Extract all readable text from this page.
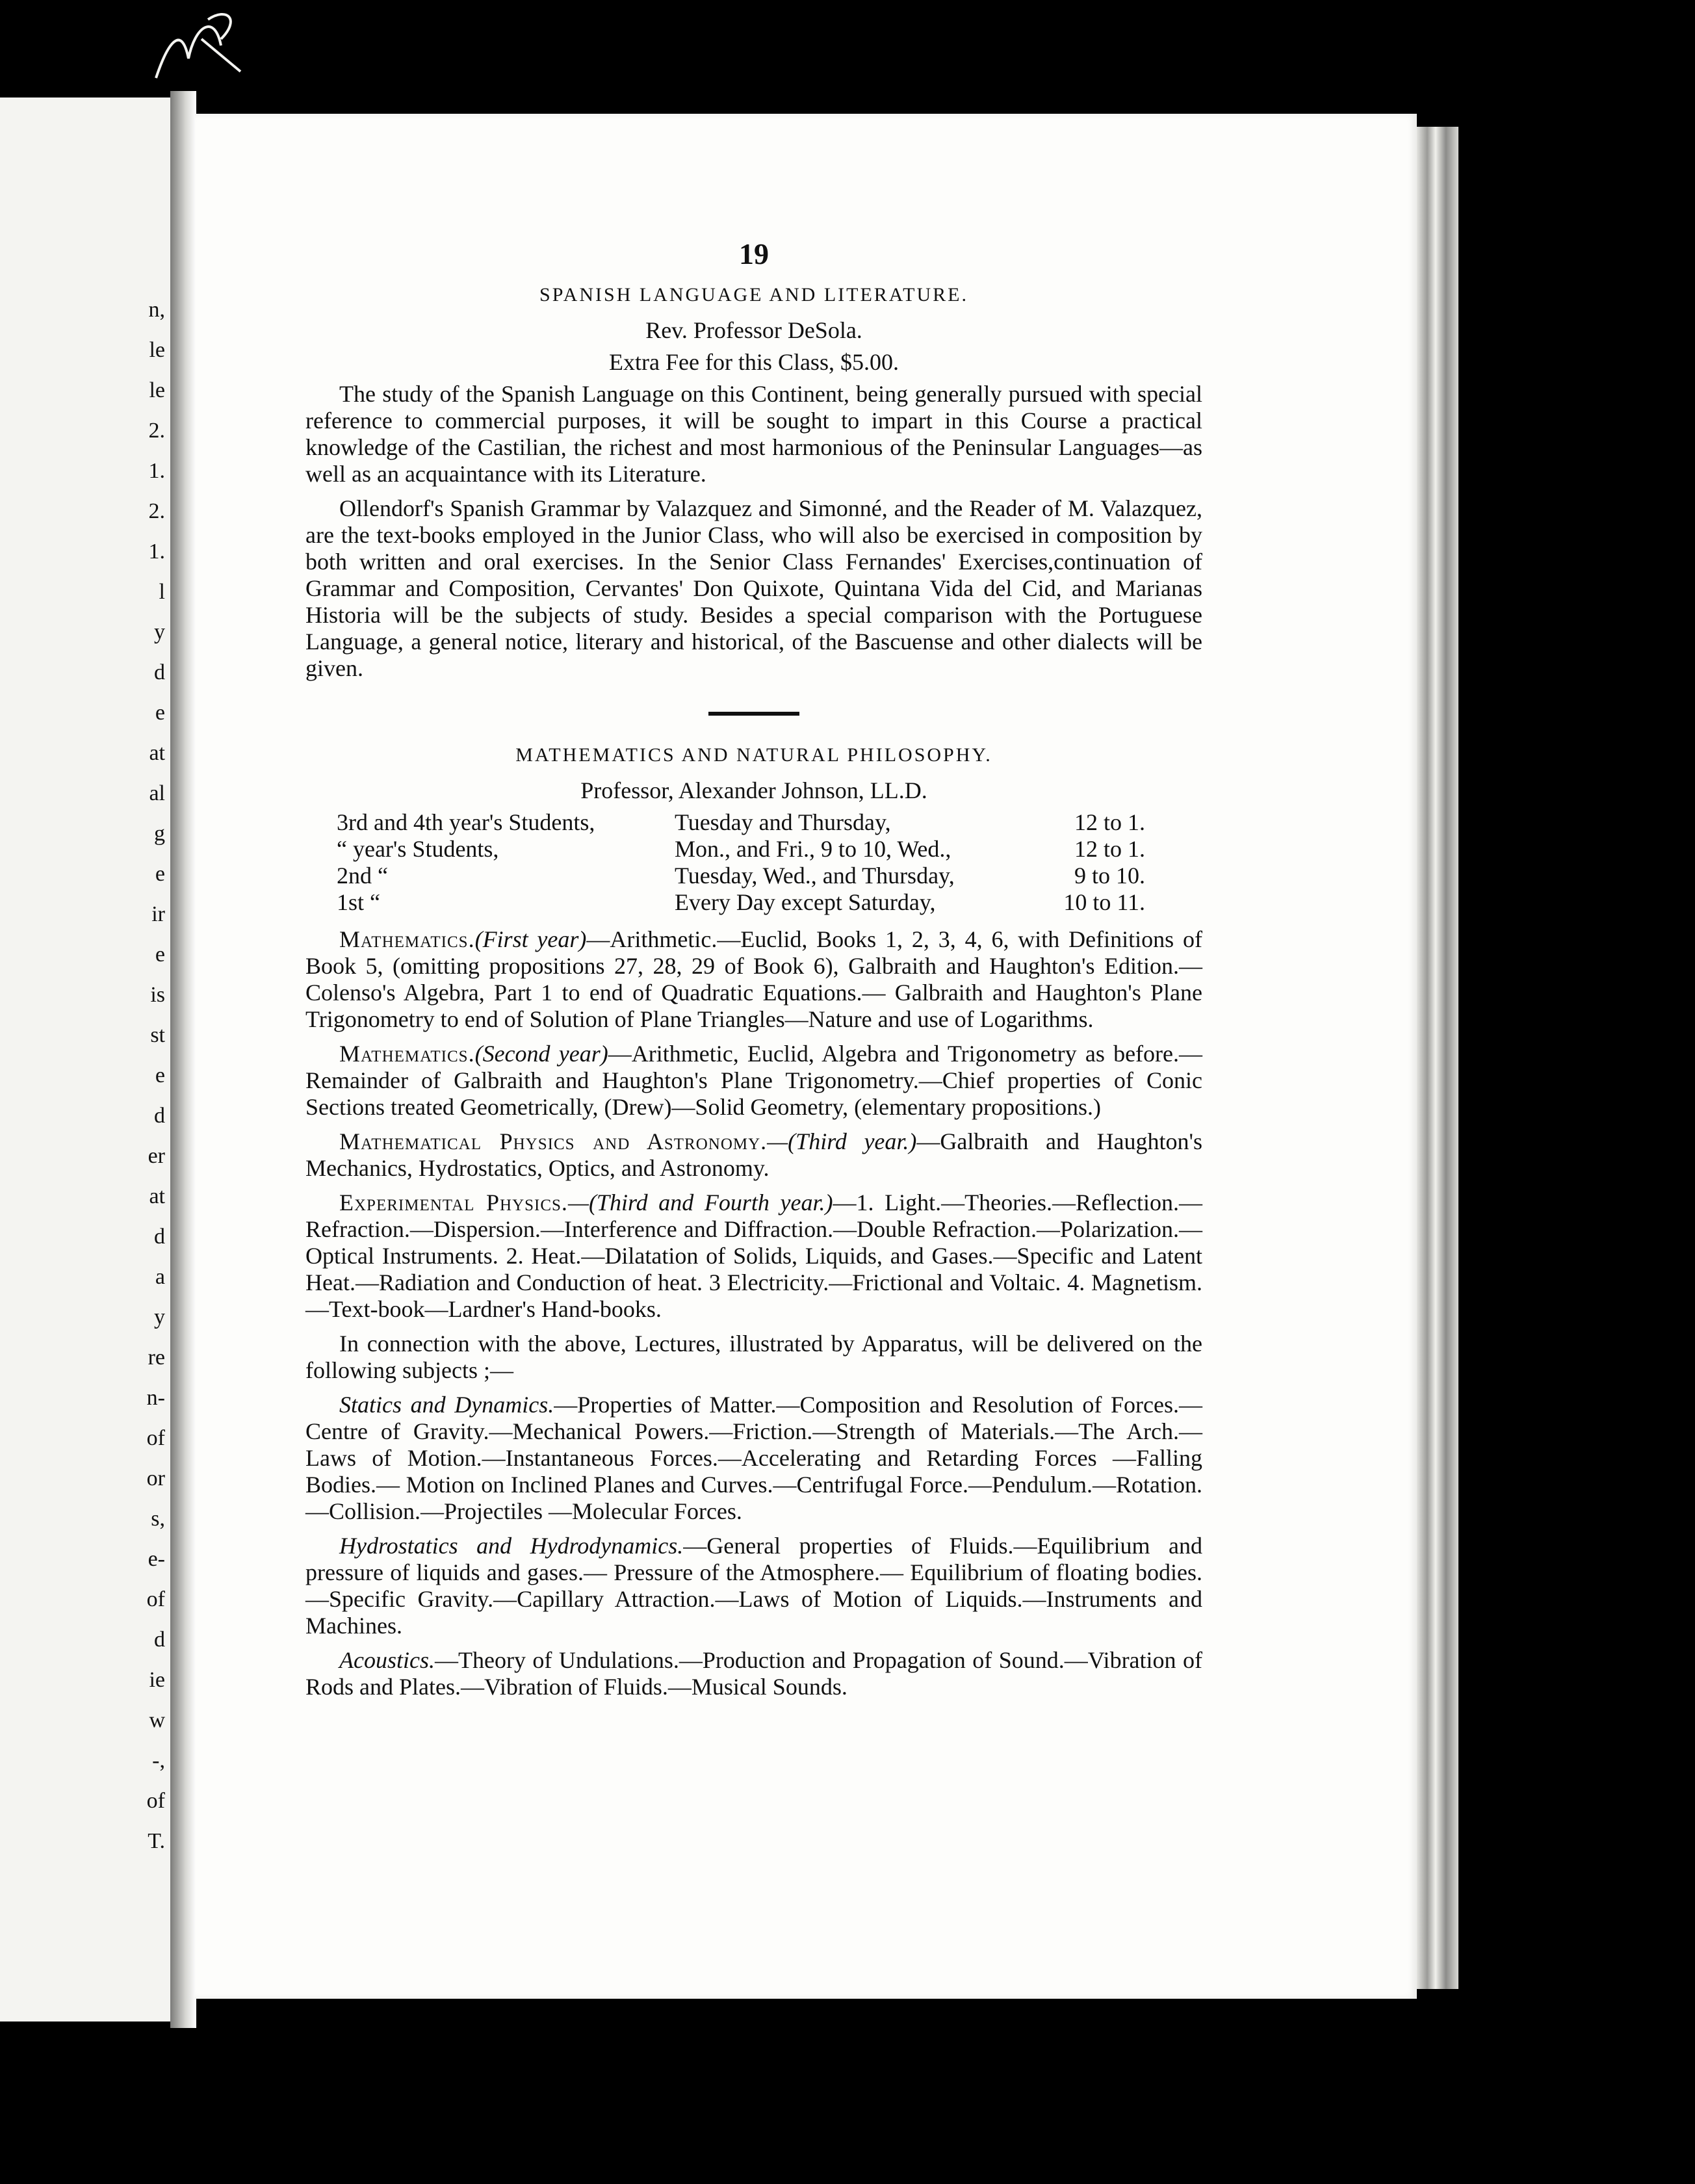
n,
le
le
2.
1.
2.
1.
l
y
d
e
at
al
g
e
ir
e
is
st
e
d
er
at
d
a
y
re
n-
of
or
s,
e-
of
d
ie
w
-,
of
T.
19
SPANISH LANGUAGE AND LITERATURE.
Rev. Professor DeSola.
Extra Fee for this Class, $5.00.

The study of the Spanish Language on this Continent, being generally pursued with special reference to commercial purposes, it will be sought to impart in this Course a practical knowledge of the Castilian, the richest and most harmonious of the Peninsular Languages—as well as an acquaintance with its Literature.

Ollendorf's Spanish Grammar by Valazquez and Simonné, and the Reader of M. Valazquez, are the text-books employed in the Junior Class, who will also be exercised in composition by both written and oral exercises. In the Senior Class Fernandes' Exercises,continuation of Grammar and Composition, Cervantes' Don Quixote, Quintana Vida del Cid, and Marianas Historia will be the subjects of study. Besides a special comparison with the Portuguese Language, a general notice, literary and historical, of the Bascuense and other dialects will be given.

MATHEMATICS AND NATURAL PHILOSOPHY.
Professor, Alexander Johnson, LL.D.
3rd and 4th year's Students,	Tuesday and Thursday,	12 to 1.
“ year's Students,	Mon., and Fri., 9 to 10, Wed.,	12 to 1.
2nd “	Tuesday, Wed., and Thursday,	9 to 10.
1st “	Every Day except Saturday,	10 to 11.

Mathematics.(First year)—Arithmetic.—Euclid, Books 1, 2, 3, 4, 6, with Definitions of Book 5, (omitting propositions 27, 28, 29 of Book 6), Galbraith and Haughton's Edition.—Colenso's Algebra, Part 1 to end of Quadratic Equations.— Galbraith and Haughton's Plane Trigonometry to end of Solution of Plane Triangles—Nature and use of Logarithms.

Mathematics.(Second year)—Arithmetic, Euclid, Algebra and Trigonometry as before.—Remainder of Galbraith and Haughton's Plane Trigonometry.—Chief properties of Conic Sections treated Geometrically, (Drew)—Solid Geometry, (elementary propositions.)

Mathematical Physics and Astronomy.—(Third year.)—Galbraith and Haughton's Mechanics, Hydrostatics, Optics, and Astronomy.

Experimental Physics.—(Third and Fourth year.)—1. Light.—Theories.—Reflection.—Refraction.—Dispersion.—Interference and Diffraction.—Double Refraction.—Polarization.—Optical Instruments. 2. Heat.—Dilatation of Solids, Liquids, and Gases.—Specific and Latent Heat.—Radiation and Conduction of heat. 3 Electricity.—Frictional and Voltaic. 4. Magnetism.—Text-book—Lardner's Hand-books.

In connection with the above, Lectures, illustrated by Apparatus, will be delivered on the following subjects ;—

Statics and Dynamics.—Properties of Matter.—Composition and Resolution of Forces.—Centre of Gravity.—Mechanical Powers.—Friction.—Strength of Materials.—The Arch.—Laws of Motion.—Instantaneous Forces.—Accelerating and Retarding Forces —Falling Bodies.— Motion on Inclined Planes and Curves.—Centrifugal Force.—Pendulum.—Rotation.—Collision.—Projectiles —Molecular Forces.

Hydrostatics and Hydrodynamics.—General properties of Fluids.—Equilibrium and pressure of liquids and gases.— Pressure of the Atmosphere.— Equilibrium of floating bodies.—Specific Gravity.—Capillary Attraction.—Laws of Motion of Liquids.—Instruments and Machines.

Acoustics.—Theory of Undulations.—Production and Propagation of Sound.—Vibration of Rods and Plates.—Vibration of Fluids.—Musical Sounds.
